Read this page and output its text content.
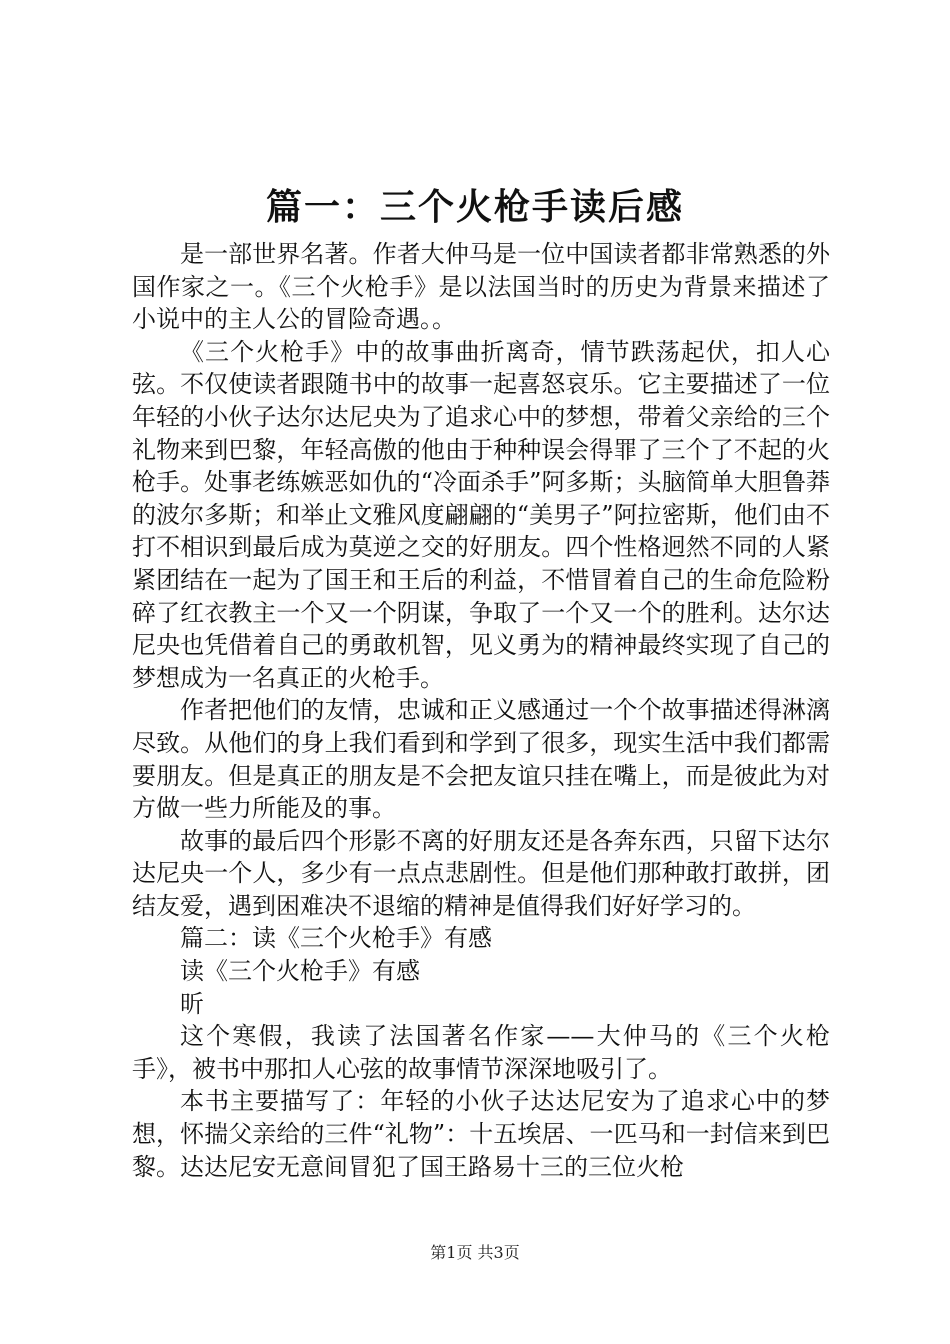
篇一：三个火枪手读后感

是一部世界名著。作者大仲马是一位中国读者都非常熟悉的外国作家之一。《三个火枪手》是以法国当时的历史为背景来描述了小说中的主人公的冒险奇遇。。

《三个火枪手》中的故事曲折离奇，情节跌荡起伏，扣人心弦。不仅使读者跟随书中的故事一起喜怒哀乐。它主要描述了一位年轻的小伙子达尔达尼央为了追求心中的梦想，带着父亲给的三个礼物来到巴黎，年轻高傲的他由于种种误会得罪了三个了不起的火枪手。处事老练嫉恶如仇的“冷面杀手”阿多斯；头脑简单大胆鲁莽的波尔多斯；和举止文雅风度翩翩的“美男子”阿拉密斯，他们由不打不相识到最后成为莫逆之交的好朋友。四个性格迥然不同的人紧紧团结在一起为了国王和王后的利益，不惜冒着自己的生命危险粉碎了红衣教主一个又一个阴谋，争取了一个又一个的胜利。达尔达尼央也凭借着自己的勇敢机智，见义勇为的精神最终实现了自己的梦想成为一名真正的火枪手。

作者把他们的友情，忠诚和正义感通过一个个故事描述得淋漓尽致。从他们的身上我们看到和学到了很多，现实生活中我们都需要朋友。但是真正的朋友是不会把友谊只挂在嘴上，而是彼此为对方做一些力所能及的事。

故事的最后四个形影不离的好朋友还是各奔东西，只留下达尔达尼央一个人，多少有一点点悲剧性。但是他们那种敢打敢拼，团结友爱，遇到困难决不退缩的精神是值得我们好好学习的。

篇二：读《三个火枪手》有感

读《三个火枪手》有感

昕

这个寒假，我读了法国著名作家——大仲马的《三个火枪手》，被书中那扣人心弦的故事情节深深地吸引了。

本书主要描写了：年轻的小伙子达达尼安为了追求心中的梦想，怀揣父亲给的三件“礼物”：十五埃居、一匹马和一封信来到巴黎。达达尼安无意间冒犯了国王路易十三的三位火枪

第1页 共3页
